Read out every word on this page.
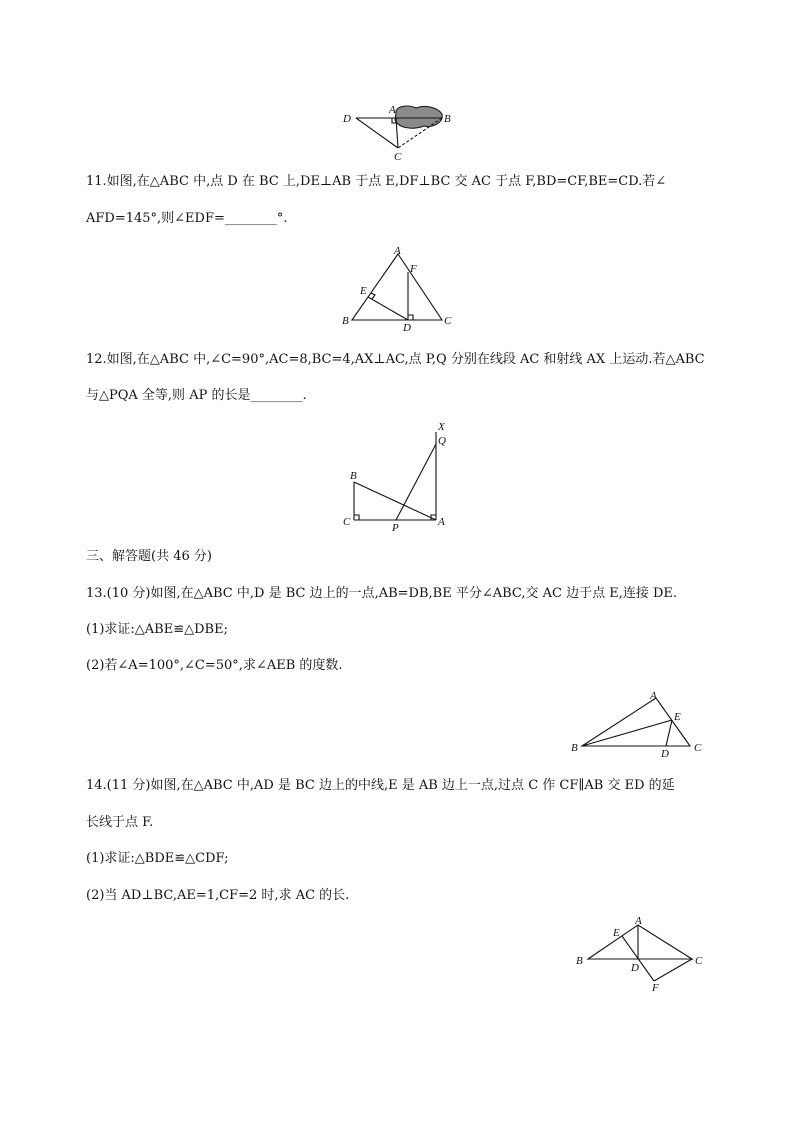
D
A
B
C
11.如图,在△ABC 中,点 D 在 BC 上,DE⊥AB 于点 E,DF⊥BC 交 AC 于点 F,BD=CF,BE=CD.若∠
AFD=145°,则∠EDF=________°.
A
F
E
B
D
C
12.如图,在△ABC 中,∠C=90°,AC=8,BC=4,AX⊥AC,点 P,Q 分别在线段 AC 和射线 AX 上运动.若△ABC
与△PQA 全等,则 AP 的长是________.
X
Q
B
C	P	A
三、解答题(共 46 分)
13.(10 分)如图,在△ABC 中,D 是 BC 边上的一点,AB=DB,BE 平分∠ABC,交 AC 边于点 E,连接 DE.
(1)求证:△ABE≌△DBE;
(2)若∠A=100°,∠C=50°,求∠AEB 的度数.
A
E
B	D C
14.(11 分)如图,在△ABC 中,AD 是 BC 边上的中线,E 是 AB 边上一点,过点 C 作 CF∥AB 交 ED 的延
长线于点 F.
(1)求证:△BDE≌△CDF;
(2)当 AD⊥BC,AE=1,CF=2 时,求 AC 的长.
A
E
B
D
C
F
